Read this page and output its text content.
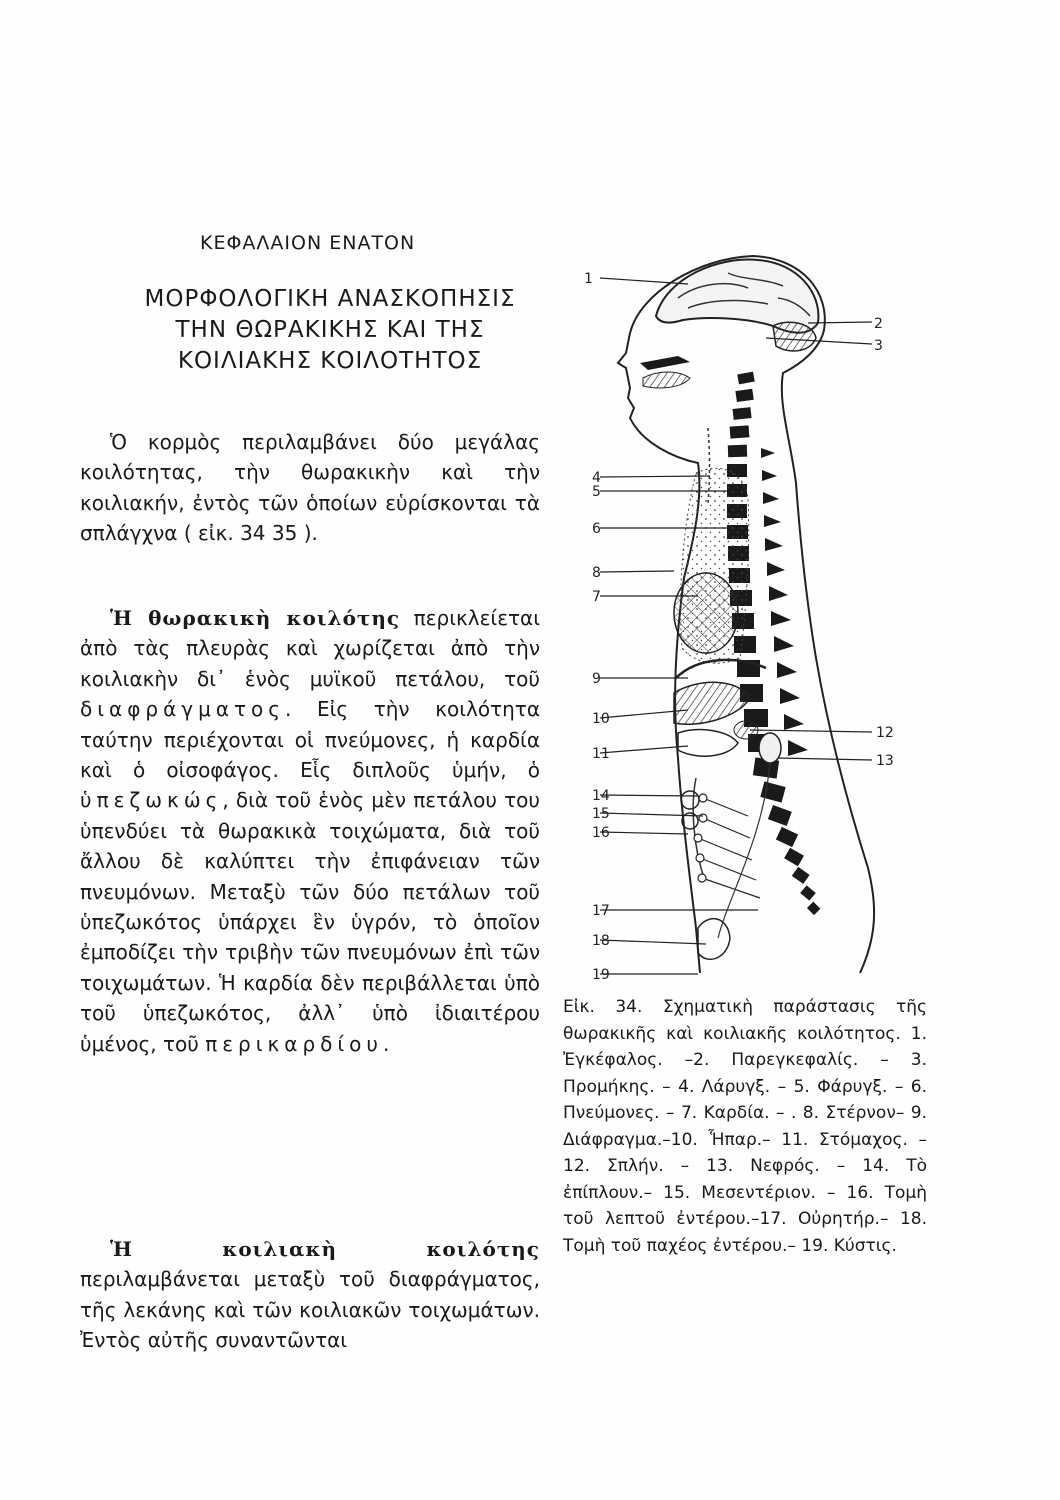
ΚΕΦΑΛΑΙΟΝ ΕΝΑΤΟΝ
ΜΟΡΦΟΛΟΓΙΚΗ ΑΝΑΣΚΟΠΗΣΙΣ
ΤΗΝ ΘΩΡΑΚΙΚΗΣ ΚΑΙ ΤΗΣ
ΚΟΙΛΙΑΚΗΣ ΚΟΙΛΟΤΗΤΟΣ
Ὁ κορμὸς περιλαμβάνει δύο μεγάλας κοιλότητας, τὴν θωρακικὴν καὶ τὴν κοιλιακήν, ἐντὸς τῶν ὁποίων εὑρίσκονται τὰ σπλάγχνα ( εἰκ. 34 35 ).
Ἡ θωρακικὴ κοιλότης περικλείεται ἀπὸ τὰς πλευρὰς καὶ χωρίζεται ἀπὸ τὴν κοιλιακὴν δι᾽ ἑνὸς μυϊκοῦ πετάλου, τοῦ διαφράγματος. Εἰς τὴν κοιλότητα ταύτην περιέχονται οἱ πνεύμονες, ἡ καρδία καὶ ὁ οἰσοφάγος. Εἷς διπλοῦς ὑμήν, ὁ ὑπεζωκώς, διὰ τοῦ ἑνὸς μὲν πετάλου του ὑπενδύει τὰ θωρακικὰ τοιχώματα, διὰ τοῦ ἄλλου δὲ καλύπτει τὴν ἐπιφάνειαν τῶν πνευμόνων. Μεταξὺ τῶν δύο πετάλων τοῦ ὑπεζωκότος ὑπάρχει ἓν ὑγρόν, τὸ ὁποῖον ἐμποδίζει τὴν τριβὴν τῶν πνευμόνων ἐπὶ τῶν τοιχωμάτων. Ἡ καρδία δὲν περιβάλλεται ὑπὸ τοῦ ὑπεζωκότος, ἀλλ᾽ ὑπὸ ἰδιαιτέρου ὑμένος, τοῦ περικαρδίου.
Ἡ κοιλιακὴ κοιλότης περιλαμβάνεται μεταξὺ τοῦ διαφράγματος, τῆς λεκάνης καὶ τῶν κοιλιακῶν τοιχωμάτων. Ἐντὸς αὐτῆς συναντῶνται
1
2
3
4
5
6
8
7
9
10
11
12
13
14
15
16
17
18
19
Εἰκ. 34. Σχηματικὴ παράστασις τῆς θωρακικῆς καὶ κοιλιακῆς κοιλότητος. 1. Ἐγκέφαλος. –2. Παρεγκεφαλίς. – 3. Προμήκης. – 4. Λάρυγξ. – 5. Φάρυγξ. – 6. Πνεύμονες. – 7. Καρδία. – . 8. Στέρνον– 9. Διάφραγμα.–10. Ἧπαρ.– 11. Στόμαχος. – 12. Σπλήν. – 13. Νεφρός. – 14. Τὸ ἐπίπλουν.– 15. Μεσεντέριον. – 16. Τομὴ τοῦ λεπτοῦ ἐντέρου.–17. Οὐρητήρ.– 18. Τομὴ τοῦ παχέος ἐντέρου.– 19. Κύστις.
